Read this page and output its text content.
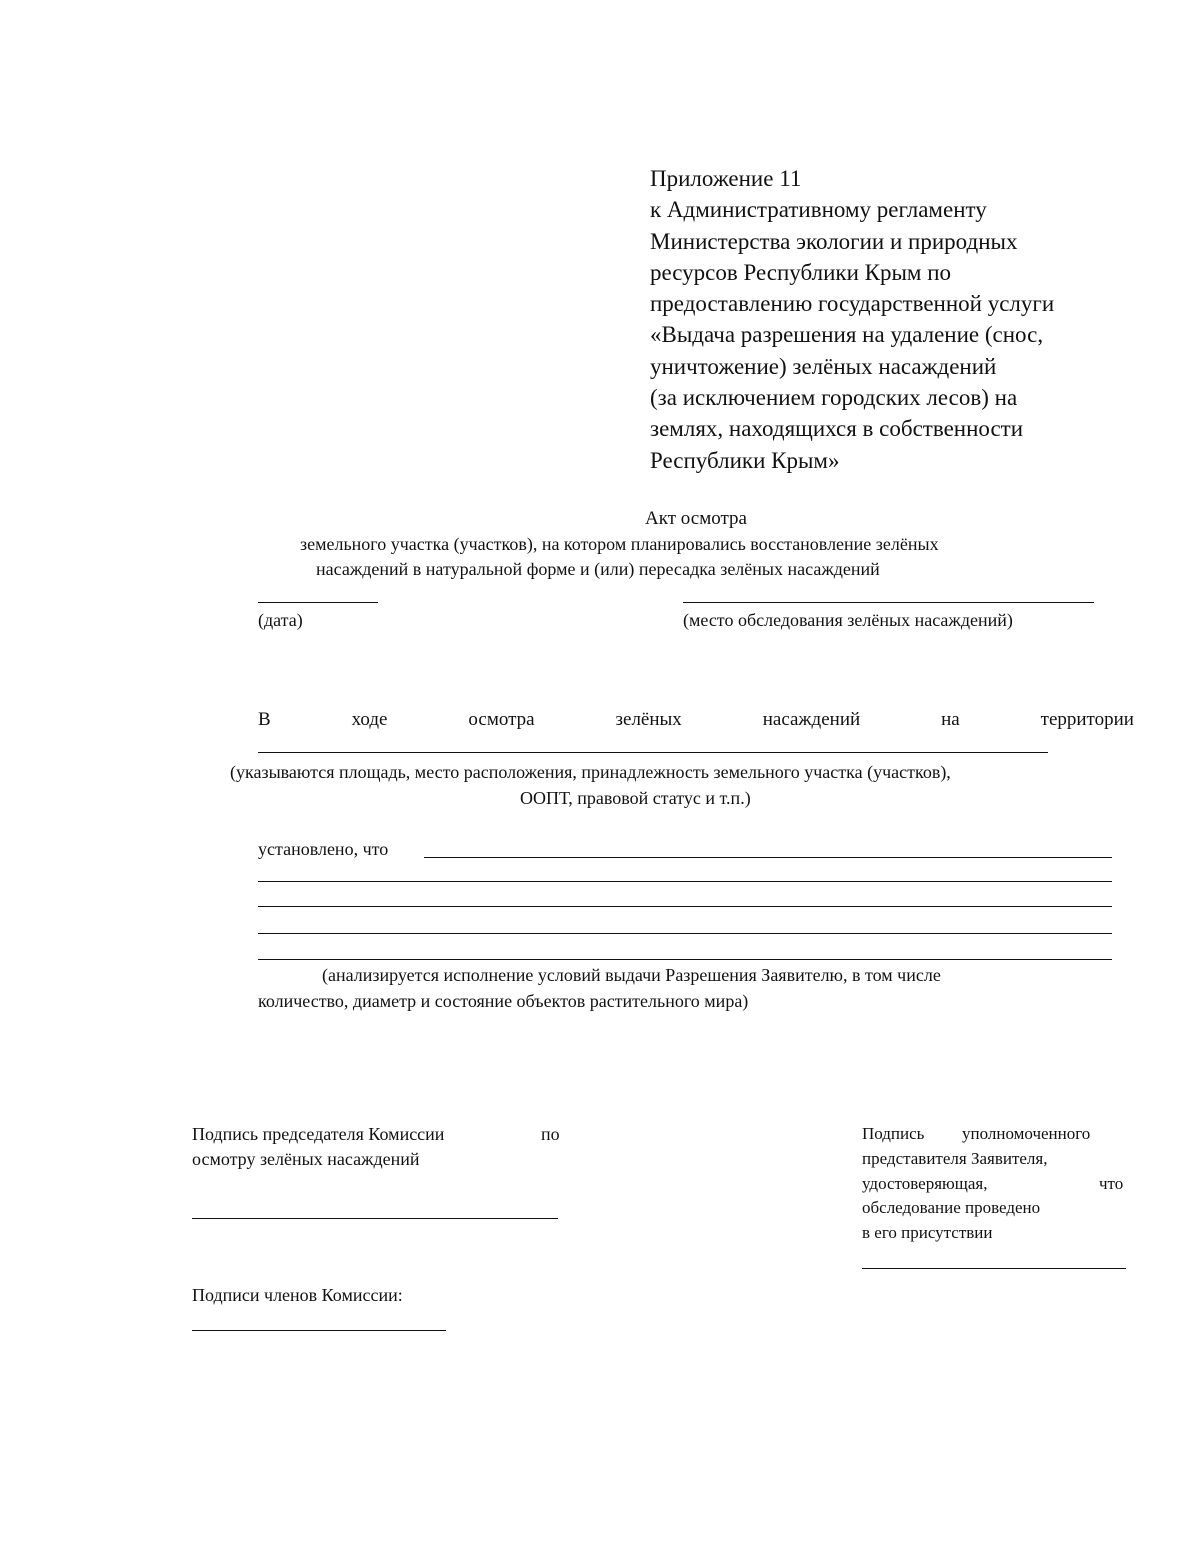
Приложение 11
к Административному регламенту
Министерства экологии и природных
ресурсов Республики Крым по
предоставлению государственной услуги
«Выдача разрешения на удаление (снос,
уничтожение) зелёных насаждений
(за исключением городских лесов) на
землях, находящихся в собственности
Республики Крым»
Акт осмотра
земельного участка (участков), на котором планировались восстановление зелёных
насаждений в натуральной форме и (или) пересадка зелёных насаждений
(дата)	(место обследования зелёных насаждений)
В	ходе	осмотра	зелёных	насаждений	на	территории
(указываются площадь, место расположения, принадлежность земельного участка (участков),
ООПТ, правовой статус и т.п.)
установлено, что
(анализируется исполнение условий выдачи Разрешения Заявителю, в том числе
количество, диаметр и состояние объектов растительного мира)
Подпись председателя Комиссии	по
осмотру зелёных насаждений
Подпись уполномоченного
представителя Заявителя,
удостоверяющая,	что
обследование проведено
в его присутствии
Подписи членов Комиссии:
